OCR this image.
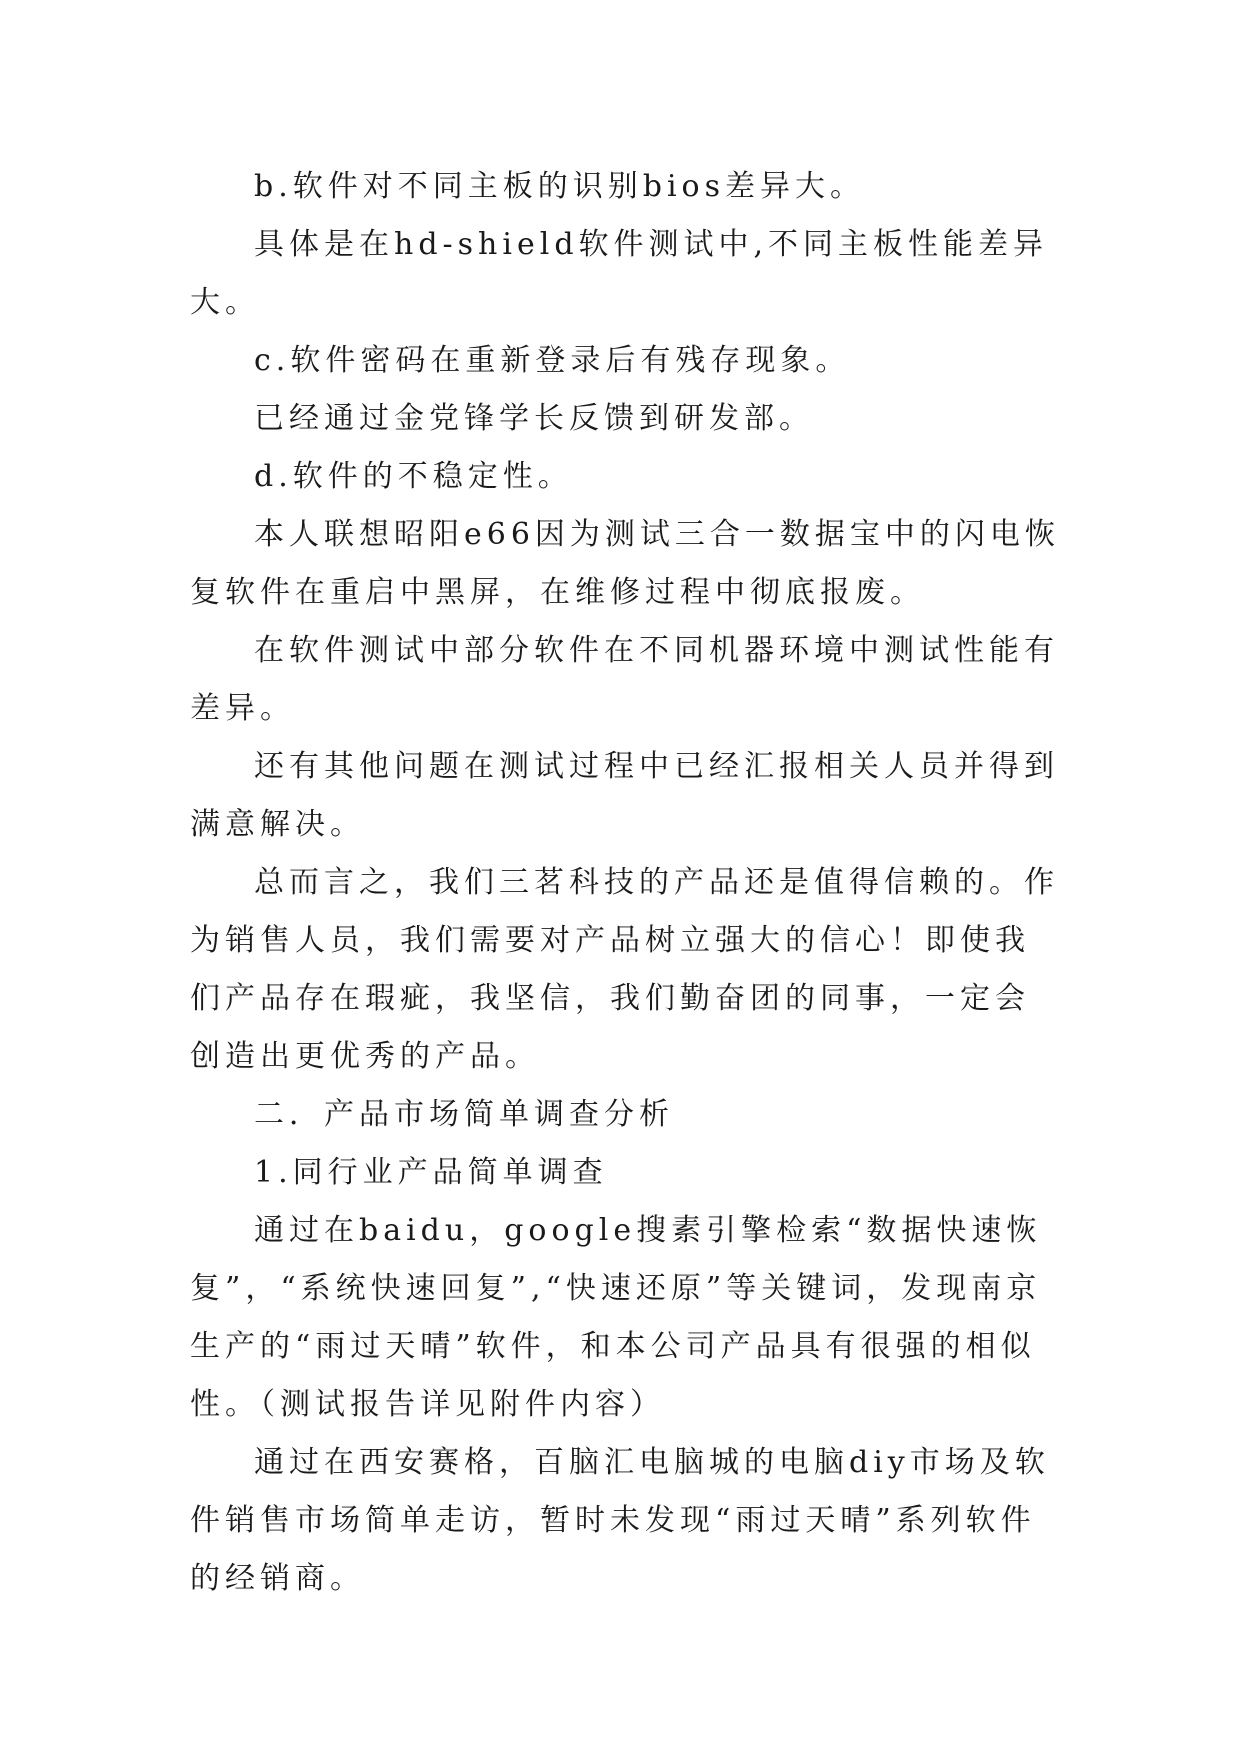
b.软件对不同主板的识别bios差异大。

具体是在hd-shield软件测试中,不同主板性能差异大。

c.软件密码在重新登录后有残存现象。

已经通过金党锋学长反馈到研发部。

d.软件的不稳定性。

本人联想昭阳e66因为测试三合一数据宝中的闪电恢复软件在重启中黑屏，在维修过程中彻底报废。

在软件测试中部分软件在不同机器环境中测试性能有差异。

还有其他问题在测试过程中已经汇报相关人员并得到满意解决。

总而言之，我们三茗科技的产品还是值得信赖的。作为销售人员，我们需要对产品树立强大的信心！即使我们产品存在瑕疵，我坚信，我们勤奋团的同事，一定会创造出更优秀的产品。

二．产品市场简单调查分析

1.同行业产品简单调查

通过在baidu，google搜素引擎检索“数据快速恢复”，“系统快速回复”,“快速还原”等关键词，发现南京生产的“雨过天晴”软件，和本公司产品具有很强的相似性。（测试报告详见附件内容）

通过在西安赛格，百脑汇电脑城的电脑diy市场及软件销售市场简单走访，暂时未发现“雨过天晴”系列软件的经销商。
